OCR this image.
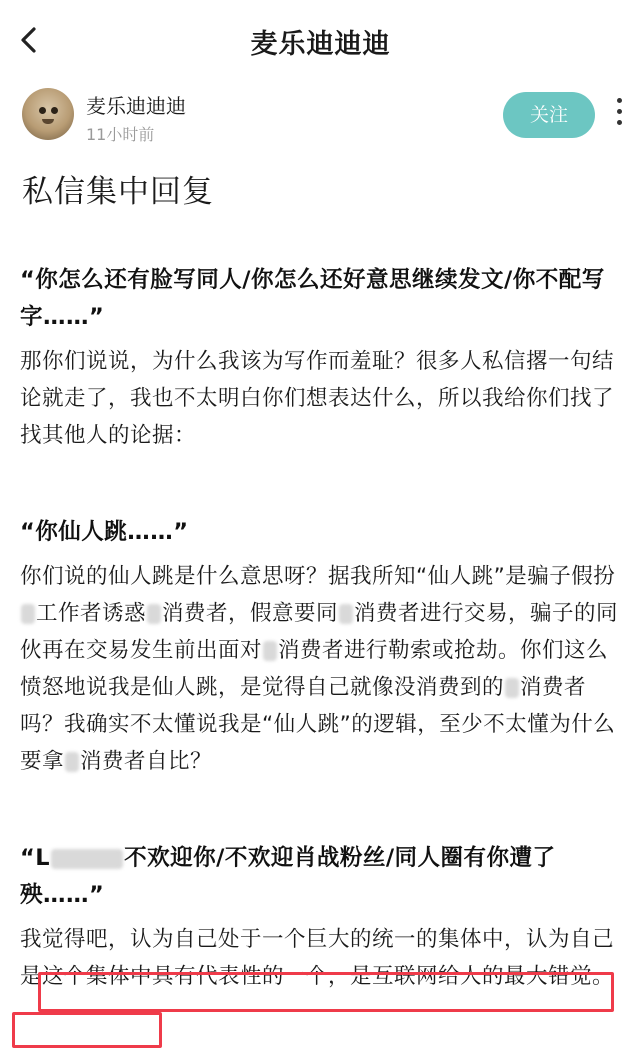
麦乐迪迪迪
麦乐迪迪迪
11小时前
关注
私信集中回复

“你怎么还有脸写同人/你怎么还好意思继续发文/你不配写字……”

那你们说说，为什么我该为写作而羞耻？很多人私信撂一句结论就走了，我也不太明白你们想表达什么，所以我给你们找了找其他人的论据：

“你仙人跳……”

你们说的仙人跳是什么意思呀？据我所知“仙人跳”是骗子假扮工作者诱惑 消费者，假意要同 消费者进行交易，骗子的同伙再在交易发生前出面对 消费者进行勒索或抢劫。你们这么愤怒地说我是仙人跳，是觉得自己就像没消费到的 消费者吗？我确实不太懂说我是“仙人跳”的逻辑，至少不太懂为什么要拿 消费者自比？

“L	不欢迎你/不欢迎肖战粉丝/同人圈有你遭了殃……”

我觉得吧，认为自己处于一个巨大的统一的集体中，认为自己是这个集体中具有代表性的一个，是互联网给人的最大错觉。
